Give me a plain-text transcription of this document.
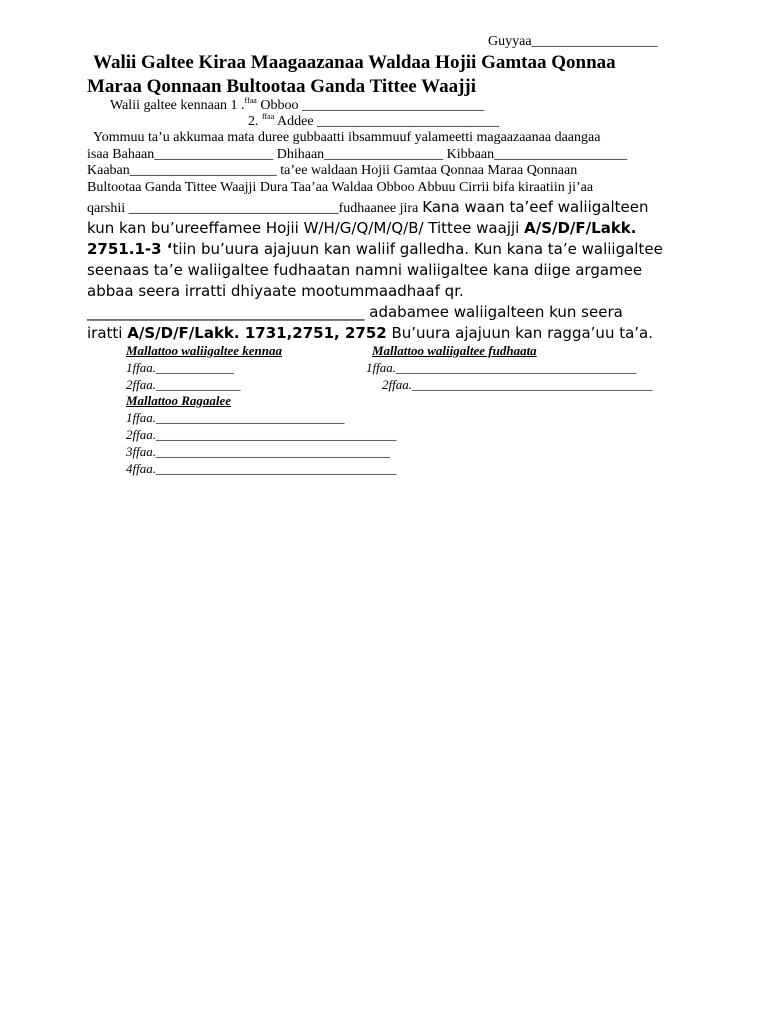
Guyyaa__________________
Walii Galtee Kiraa Maagaazanaa Waldaa Hojii Gamtaa Qonnaa
Maraa Qonnaan Bultootaa Ganda Tittee Waajji
Walii galtee kennaan 1 .$^{ffaa}$ Obboo __________________________
2. $^{ffaa}$ Addee __________________________
Yommuu ta’u akkumaa mata duree gubbaatti ibsammuuf yalameetti magaazaanaa daangaa
isaa Bahaan_________________ Dhihaan_________________ Kibbaan___________________
Kaaban_____________________ ta’ee waldaan Hojii Gamtaa Qonnaa Maraa Qonnaan
Bultootaa Ganda Tittee Waajji Dura Taa’aa Waldaa Obboo Abbuu Cirrii bifa kiraatiin ji’aa
qarshii ______________________________fudhaanee jira Kana waan ta’eef waliigalteen
kun kan bu’ureeffamee Hojii W/H/G/Q/M/Q/B/ Tittee waajji A/S/D/F/Lakk.
2751.1-3 ‘tiin bu’uura ajajuun kan waliif galledha. Kun kana ta’e waliigaltee
seenaas ta’e waliigaltee fudhaatan namni waliigaltee kana diige argamee
abbaa seera irratti dhiyaate mootummaadhaaf qr.
_____________________________________ adabamee waliigalteen kun seera
iratti A/S/D/F/Lakk. 1731,2751, 2752 Bu’uura ajajuun kan ragga’uu ta’a.
Mallattoo waliigaltee kennaa	Mallattoo waliigaltee fudhaata
1ffaa.____________	1ffaa._____________________________________
2ffaa._____________	2ffaa._____________________________________
Mallattoo Ragaalee
1ffaa._____________________________
2ffaa._____________________________________
3ffaa.____________________________________
4ffaa._____________________________________
